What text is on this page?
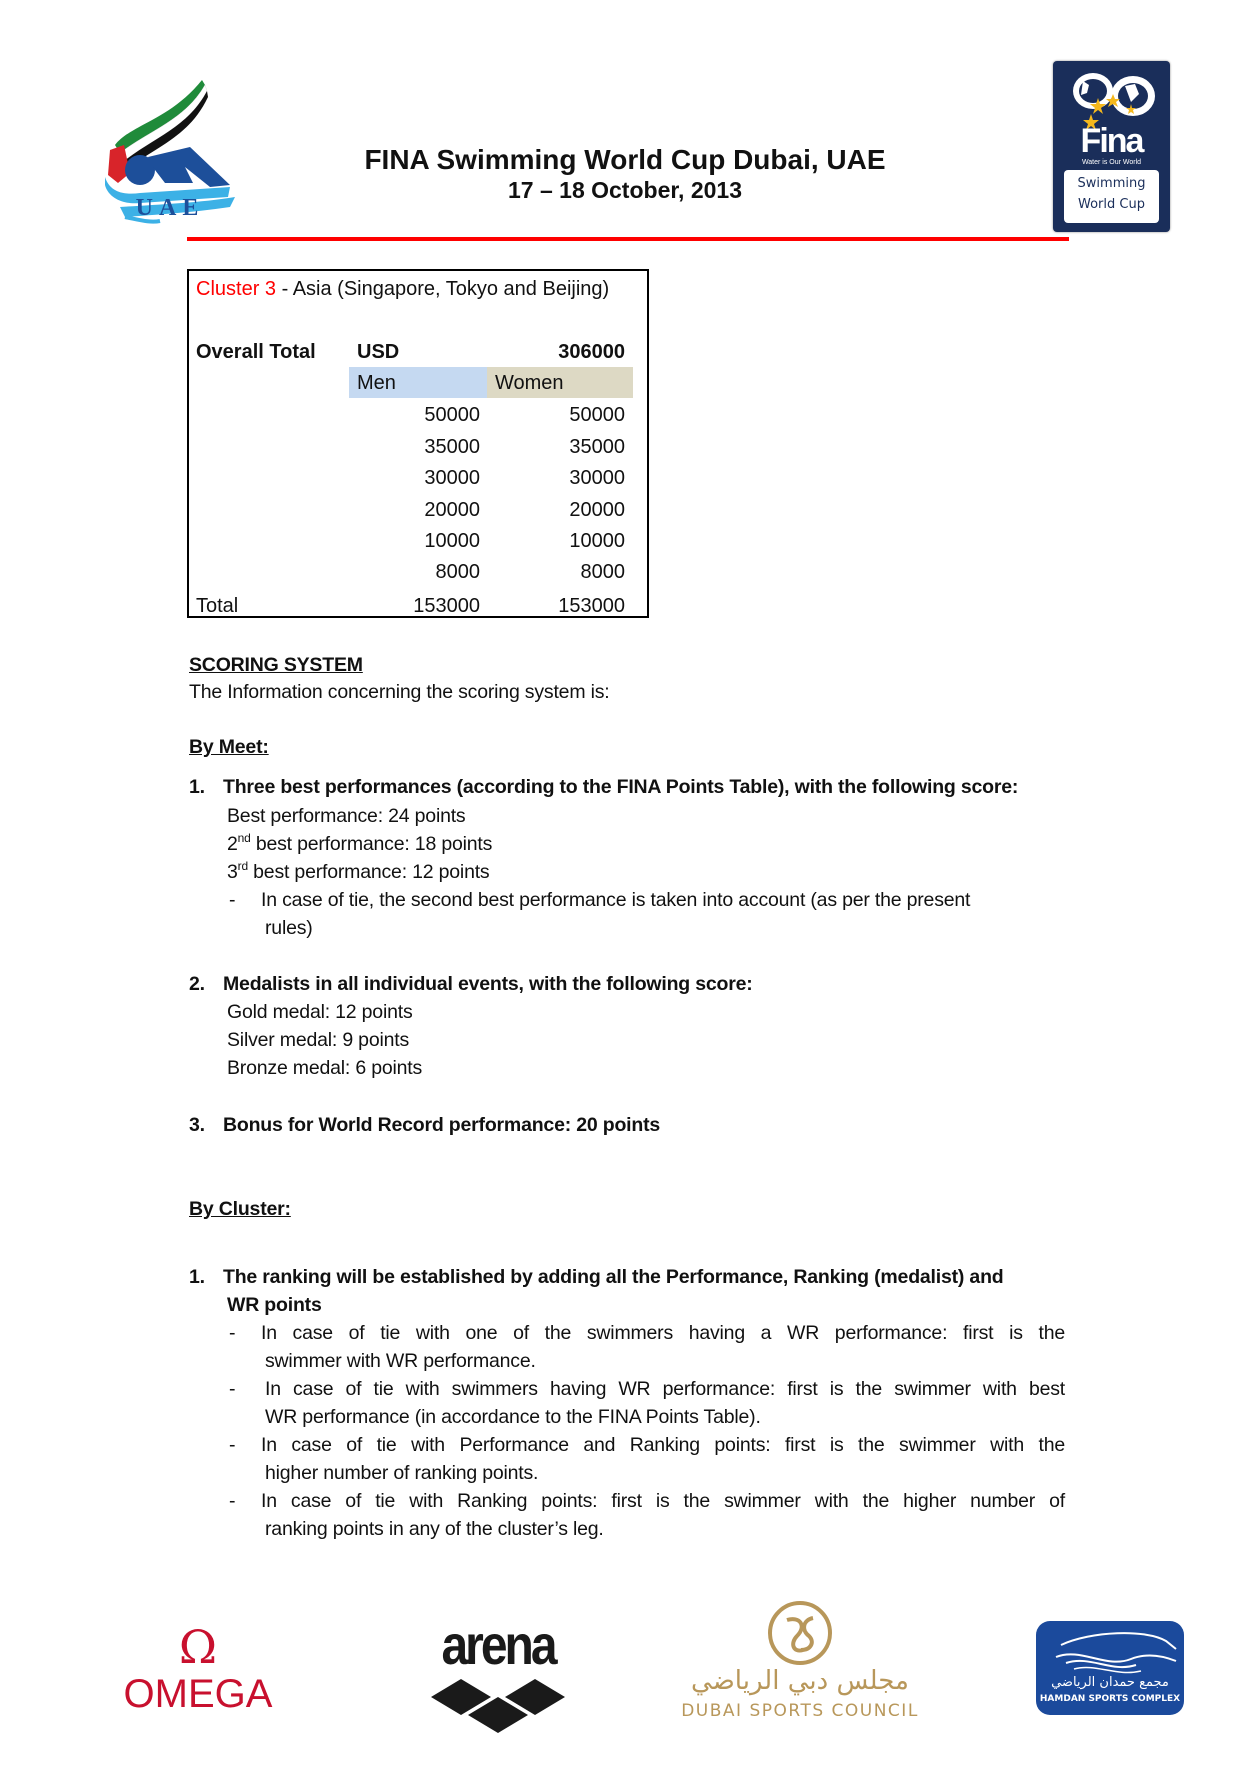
UAE
FINA Swimming World Cup Dubai, UAE
17 – 18 October, 2013
Fina
Water is Our World
Swimming
World Cup
Cluster 3 - Asia (Singapore, Tokyo and Beijing)
Overall Total USD	306000
Men	Women
50000	50000
35000	35000
30000	30000
20000	20000
10000	10000
8000	8000
Total	153000	153000
SCORING SYSTEM
The Information concerning the scoring system is:
By Meet:
1. Three best performances (according to the FINA Points Table), with the following score:
Best performance: 24 points
2nd best performance: 18 points
3rd best performance: 12 points
- In case of tie, the second best performance is taken into account (as per the present
rules)
2. Medalists in all individual events, with the following score:
Gold medal: 12 points
Silver medal: 9 points
Bronze medal: 6 points
3. Bonus for World Record performance: 20 points
By Cluster:
1. The ranking will be established by adding all the Performance, Ranking (medalist) and
WR points
- In case of tie with one of the swimmers having a WR performance: first is the
swimmer with WR performance.
- In case of tie with swimmers having WR performance: first is the swimmer with best
WR performance (in accordance to the FINA Points Table).
- In case of tie with Performance and Ranking points: first is the swimmer with the
higher number of ranking points.
- In case of tie with Ranking points: first is the swimmer with the higher number of
ranking points in any of the cluster’s leg.
Ω
OMEGA
arena
مجلس دبي الرياضي
DUBAI SPORTS COUNCIL
مجمع حمدان الرياضي
HAMDAN SPORTS COMPLEX
